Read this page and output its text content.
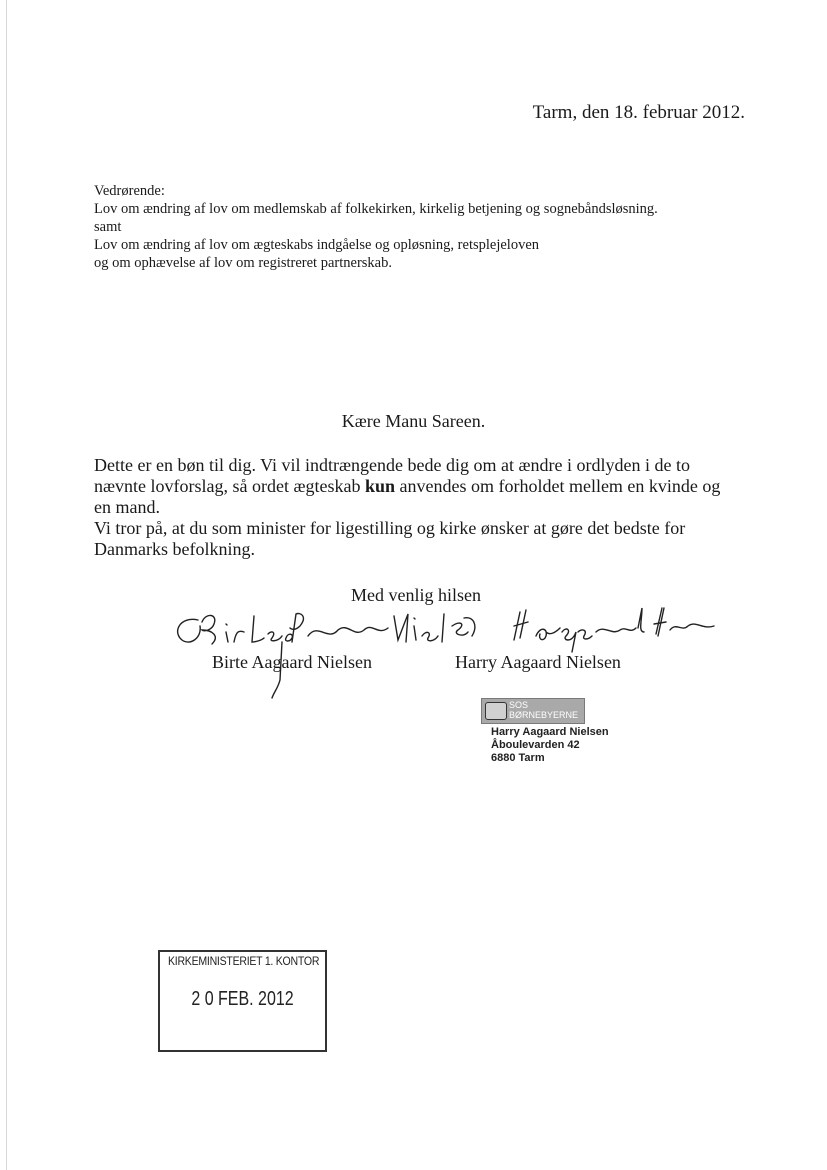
Tarm, den 18. februar 2012.
Vedrørende:
Lov om ændring af lov om medlemskab af folkekirken, kirkelig betjening og sognebåndsløsning.
samt
Lov om ændring af lov om ægteskabs indgåelse og opløsning, retsplejeloven
og om ophævelse af lov om registreret partnerskab.
Kære Manu Sareen.

Dette er en bøn til dig. Vi vil indtrængende bede dig om at ændre i ordlyden i de to nævnte lovforslag, så ordet ægteskab kun anvendes om forholdet mellem en kvinde og en mand.

Vi tror på, at du som minister for ligestilling og kirke ønsker at gøre det bedste for Danmarks befolkning.

Med venlig hilsen
Birte Aagaard Nielsen	Harry Aagaard Nielsen
SOS
BØRNEBYERNE
Harry Aagaard Nielsen
Åboulevarden 42
6880 Tarm
KIRKEMINISTERIET 1. KONTOR
2 0 FEB. 2012
